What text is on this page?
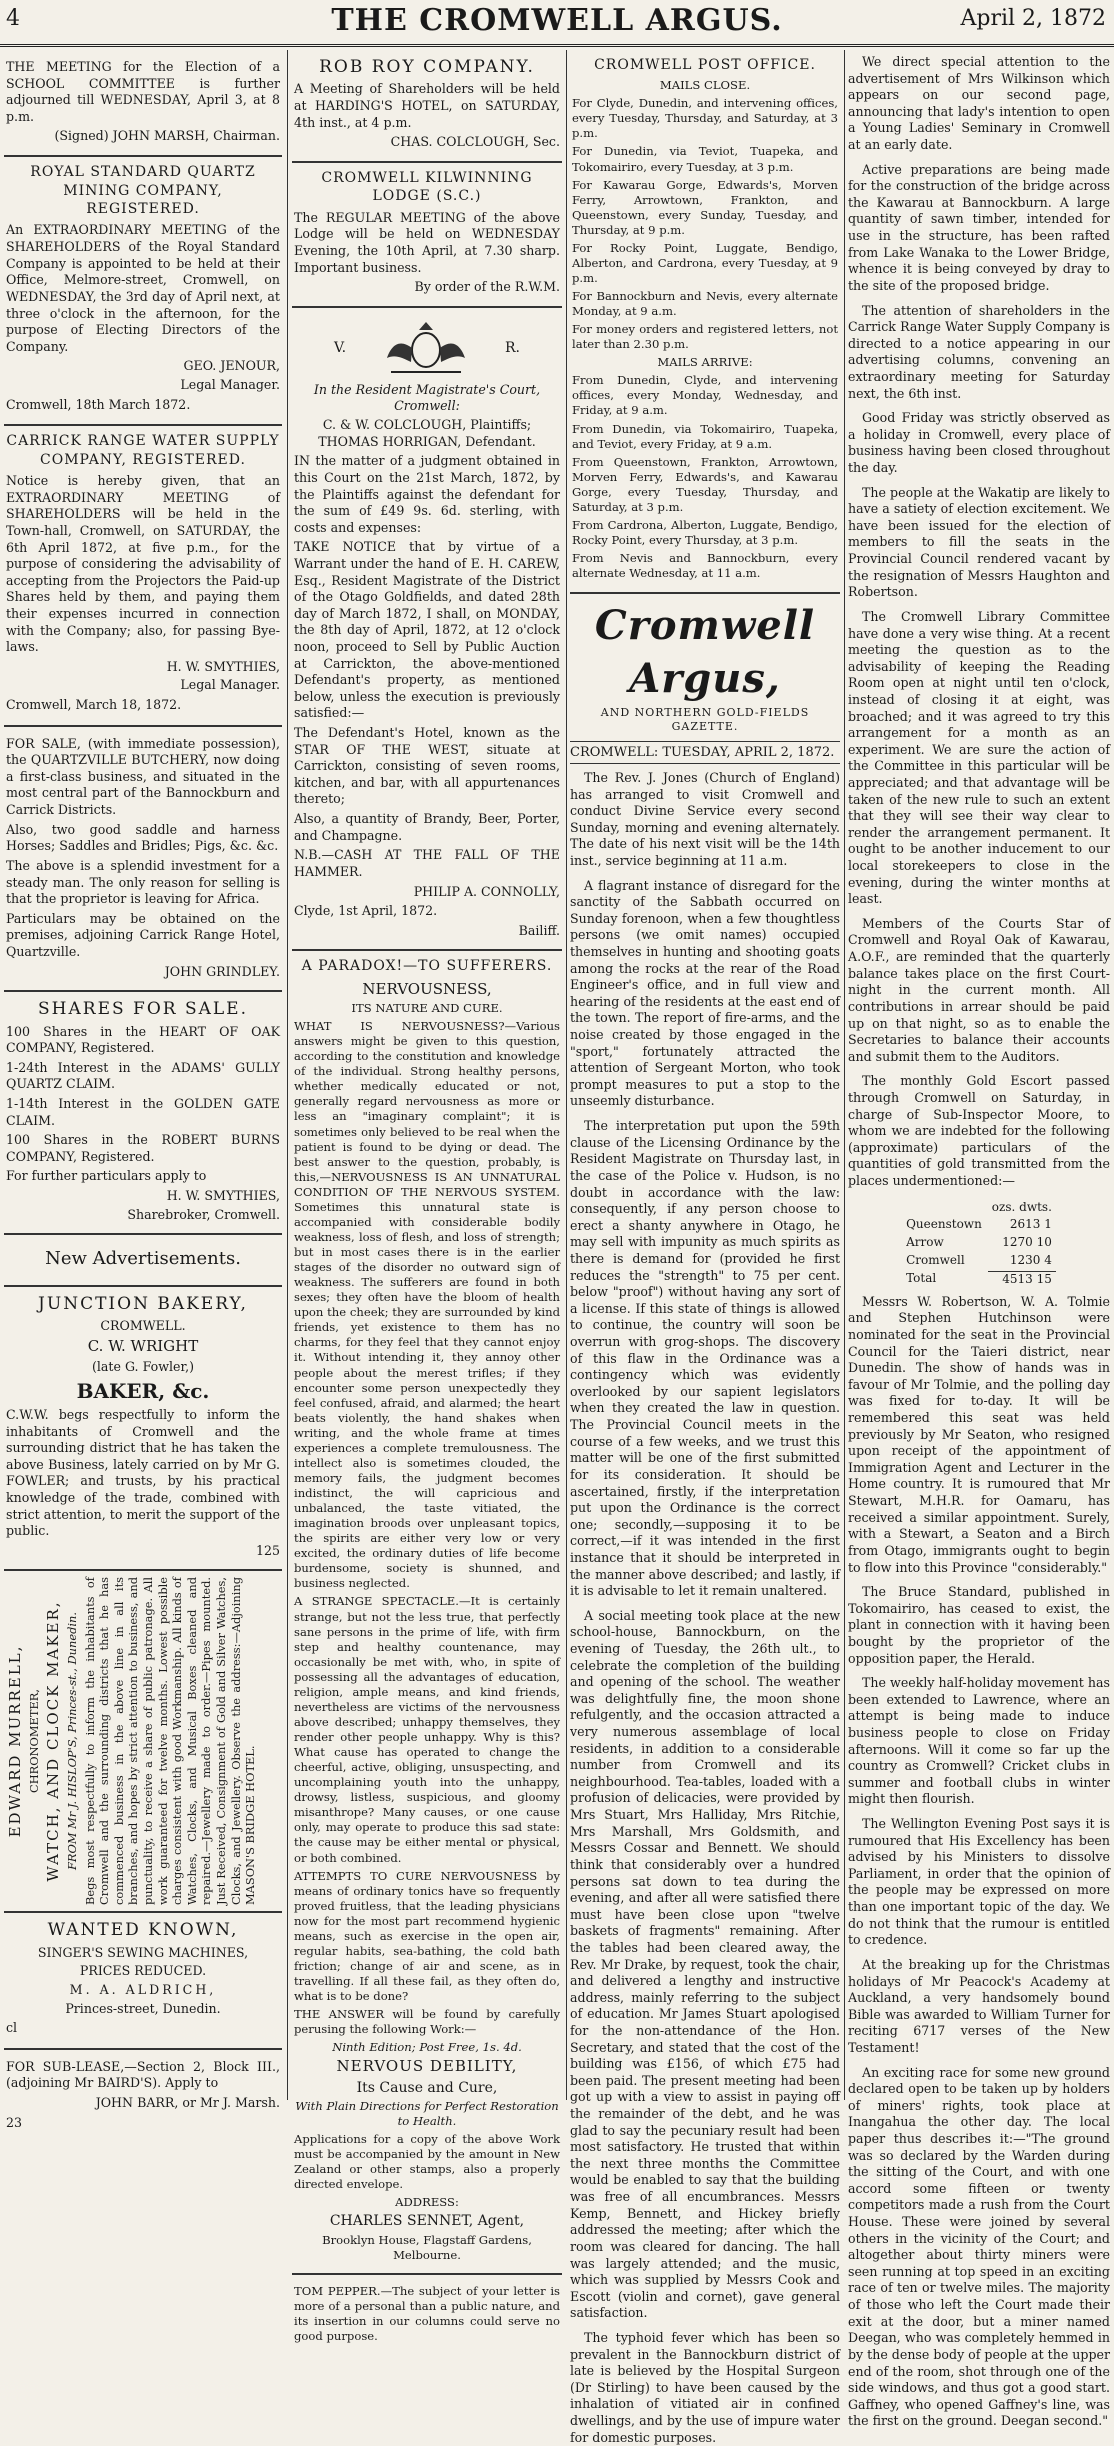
4	THE CROMWELL ARGUS.	April 2, 1872

THE MEETING for the Election of a SCHOOL COMMITTEE is further adjourned till WEDNESDAY, April 3, at 8 p.m.

(Signed) JOHN MARSH, Chairman.

ROYAL STANDARD QUARTZ MINING COMPANY, REGISTERED.

An EXTRAORDINARY MEETING of the SHAREHOLDERS of the Royal Standard Company is appointed to be held at their Office, Melmore-street, Cromwell, on WEDNESDAY, the 3rd day of April next, at three o'clock in the afternoon, for the purpose of Electing Directors of the Company.

GEO. JENOUR,

Legal Manager.

Cromwell, 18th March 1872.

CARRICK RANGE WATER SUPPLY COMPANY, REGISTERED.

Notice is hereby given, that an EXTRAORDINARY MEETING of SHAREHOLDERS will be held in the Town-hall, Cromwell, on SATURDAY, the 6th April 1872, at five p.m., for the purpose of considering the advisability of accepting from the Projectors the Paid-up Shares held by them, and paying them their expenses incurred in connection with the Company; also, for passing Bye-laws.

H. W. SMYTHIES,

Legal Manager.

Cromwell, March 18, 1872.

FOR SALE, (with immediate possession), the QUARTZVILLE BUTCHERY, now doing a first-class business, and situated in the most central part of the Bannockburn and Carrick Districts.

Also, two good saddle and harness Horses; Saddles and Bridles; Pigs, &c. &c.

The above is a splendid investment for a steady man. The only reason for selling is that the proprietor is leaving for Africa.

Particulars may be obtained on the premises, adjoining Carrick Range Hotel, Quartzville.

JOHN GRINDLEY.

SHARES FOR SALE.

100 Shares in the HEART OF OAK COMPANY, Registered.

1-24th Interest in the ADAMS' GULLY QUARTZ CLAIM.

1-14th Interest in the GOLDEN GATE CLAIM.

100 Shares in the ROBERT BURNS COMPANY, Registered.

For further particulars apply to

H. W. SMYTHIES,

Sharebroker, Cromwell.

New Advertisements.
JUNCTION BAKERY,

CROMWELL.

C. W. WRIGHT

(late G. Fowler,)

BAKER, &c.

C.W.W. begs respectfully to inform the inhabitants of Cromwell and the surrounding district that he has taken the above Business, lately carried on by Mr G. FOWLER; and trusts, by his practical knowledge of the trade, combined with strict attention, to merit the support of the public.

125

EDWARD MURRELL, CHRONOMETER, WATCH, AND CLOCK MAKER, FROM Mr J. HISLOP'S, Princes-st., Dunedin. Begs most respectfully to inform the inhabitants of Cromwell and the surrounding districts that he has commenced business in the above line in all its branches, and hopes by strict attention to business, and punctuality, to receive a share of public patronage. All work guaranteed for twelve months. Lowest possible charges consistent with good Workmanship. All kinds of Watches, Clocks, and Musical Boxes cleaned and repaired.—Jewellery made to order.—Pipes mounted. Just Received, Consignment of Gold and Silver Watches, Clocks, and Jewellery. Observe the address:—Adjoining MASON'S BRIDGE HOTEL.

WANTED KNOWN,

SINGER'S SEWING MACHINES,

PRICES REDUCED.

M. A. ALDRICH,

Princes-street, Dunedin.

cl

FOR SUB-LEASE,—Section 2, Block III., (adjoining Mr BAIRD'S). Apply to

JOHN BARR, or Mr J. Marsh.

23

ROB ROY COMPANY.

A Meeting of Shareholders will be held at HARDING'S HOTEL, on SATURDAY, 4th inst., at 4 p.m.

CHAS. COLCLOUGH, Sec.

CROMWELL KILWINNING LODGE (S.C.)

The REGULAR MEETING of the above Lodge will be held on WEDNESDAY Evening, the 10th April, at 7.30 sharp. Important business.

By order of the R.W.M.

V.	R.

In the Resident Magistrate's Court, Cromwell:

C. & W. COLCLOUGH, Plaintiffs; THOMAS HORRIGAN, Defendant.

IN the matter of a judgment obtained in this Court on the 21st March, 1872, by the Plaintiffs against the defendant for the sum of £49 9s. 6d. sterling, with costs and expenses:

TAKE NOTICE that by virtue of a Warrant under the hand of E. H. CAREW, Esq., Resident Magistrate of the District of the Otago Goldfields, and dated 28th day of March 1872, I shall, on MONDAY, the 8th day of April, 1872, at 12 o'clock noon, proceed to Sell by Public Auction at Carrickton, the above-mentioned Defendant's property, as mentioned below, unless the execution is previously satisfied:—

The Defendant's Hotel, known as the STAR OF THE WEST, situate at Carrickton, consisting of seven rooms, kitchen, and bar, with all appurtenances thereto;

Also, a quantity of Brandy, Beer, Porter, and Champagne.

N.B.—CASH AT THE FALL OF THE HAMMER.

PHILIP A. CONNOLLY,

Clyde, 1st April, 1872.

Bailiff.

A PARADOX!—TO SUFFERERS.

NERVOUSNESS,

ITS NATURE AND CURE.

WHAT IS NERVOUSNESS?—Various answers might be given to this question, according to the constitution and knowledge of the individual. Strong healthy persons, whether medically educated or not, generally regard nervousness as more or less an "imaginary complaint"; it is sometimes only believed to be real when the patient is found to be dying or dead. The best answer to the question, probably, is this,—NERVOUSNESS IS AN UNNATURAL CONDITION OF THE NERVOUS SYSTEM. Sometimes this unnatural state is accompanied with considerable bodily weakness, loss of flesh, and loss of strength; but in most cases there is in the earlier stages of the disorder no outward sign of weakness. The sufferers are found in both sexes; they often have the bloom of health upon the cheek; they are surrounded by kind friends, yet existence to them has no charms, for they feel that they cannot enjoy it. Without intending it, they annoy other people about the merest trifles; if they encounter some person unexpectedly they feel confused, afraid, and alarmed; the heart beats violently, the hand shakes when writing, and the whole frame at times experiences a complete tremulousness. The intellect also is sometimes clouded, the memory fails, the judgment becomes indistinct, the will capricious and unbalanced, the taste vitiated, the imagination broods over unpleasant topics, the spirits are either very low or very excited, the ordinary duties of life become burdensome, society is shunned, and business neglected.

A STRANGE SPECTACLE.—It is certainly strange, but not the less true, that perfectly sane persons in the prime of life, with firm step and healthy countenance, may occasionally be met with, who, in spite of possessing all the advantages of education, religion, ample means, and kind friends, nevertheless are victims of the nervousness above described; unhappy themselves, they render other people unhappy. Why is this? What cause has operated to change the cheerful, active, obliging, unsuspecting, and uncomplaining youth into the unhappy, drowsy, listless, suspicious, and gloomy misanthrope? Many causes, or one cause only, may operate to produce this sad state: the cause may be either mental or physical, or both combined.

ATTEMPTS TO CURE NERVOUSNESS by means of ordinary tonics have so frequently proved fruitless, that the leading physicians now for the most part recommend hygienic means, such as exercise in the open air, regular habits, sea-bathing, the cold bath friction; change of air and scene, as in travelling. If all these fail, as they often do, what is to be done?

THE ANSWER will be found by carefully perusing the following Work:—

Ninth Edition; Post Free, 1s. 4d.

NERVOUS DEBILITY,

Its Cause and Cure,

With Plain Directions for Perfect Restoration to Health.

Applications for a copy of the above Work must be accompanied by the amount in New Zealand or other stamps, also a properly directed envelope.

ADDRESS:

CHARLES SENNET, Agent,

Brooklyn House, Flagstaff Gardens, Melbourne.

TOM PEPPER.—The subject of your letter is more of a personal than a public nature, and its insertion in our columns could serve no good purpose.

CROMWELL POST OFFICE.

MAILS CLOSE.

For Clyde, Dunedin, and intervening offices, every Tuesday, Thursday, and Saturday, at 3 p.m.

For Dunedin, via Teviot, Tuapeka, and Tokomairiro, every Tuesday, at 3 p.m.

For Kawarau Gorge, Edwards's, Morven Ferry, Arrowtown, Frankton, and Queenstown, every Sunday, Tuesday, and Thursday, at 9 p.m.

For Rocky Point, Luggate, Bendigo, Alberton, and Cardrona, every Tuesday, at 9 p.m.

For Bannockburn and Nevis, every alternate Monday, at 9 a.m.

For money orders and registered letters, not later than 2.30 p.m.

MAILS ARRIVE:

From Dunedin, Clyde, and intervening offices, every Monday, Wednesday, and Friday, at 9 a.m.

From Dunedin, via Tokomairiro, Tuapeka, and Teviot, every Friday, at 9 a.m.

From Queenstown, Frankton, Arrowtown, Morven Ferry, Edwards's, and Kawarau Gorge, every Tuesday, Thursday, and Saturday, at 3 p.m.

From Cardrona, Alberton, Luggate, Bendigo, Rocky Point, every Thursday, at 3 p.m.

From Nevis and Bannockburn, every alternate Wednesday, at 11 a.m.

Cromwell Argus,
AND NORTHERN GOLD-FIELDS GAZETTE.
CROMWELL: TUESDAY, APRIL 2, 1872.

The Rev. J. Jones (Church of England) has arranged to visit Cromwell and conduct Divine Service every second Sunday, morning and evening alternately. The date of his next visit will be the 14th inst., service beginning at 11 a.m.

A flagrant instance of disregard for the sanctity of the Sabbath occurred on Sunday forenoon, when a few thoughtless persons (we omit names) occupied themselves in hunting and shooting goats among the rocks at the rear of the Road Engineer's office, and in full view and hearing of the residents at the east end of the town. The report of fire-arms, and the noise created by those engaged in the "sport," fortunately attracted the attention of Sergeant Morton, who took prompt measures to put a stop to the unseemly disturbance.

The interpretation put upon the 59th clause of the Licensing Ordinance by the Resident Magistrate on Thursday last, in the case of the Police v. Hudson, is no doubt in accordance with the law: consequently, if any person choose to erect a shanty anywhere in Otago, he may sell with impunity as much spirits as there is demand for (provided he first reduces the "strength" to 75 per cent. below "proof") without having any sort of a license. If this state of things is allowed to continue, the country will soon be overrun with grog-shops. The discovery of this flaw in the Ordinance was a contingency which was evidently overlooked by our sapient legislators when they created the law in question. The Provincial Council meets in the course of a few weeks, and we trust this matter will be one of the first submitted for its consideration. It should be ascertained, firstly, if the interpretation put upon the Ordinance is the correct one; secondly,—supposing it to be correct,—if it was intended in the first instance that it should be interpreted in the manner above described; and lastly, if it is advisable to let it remain unaltered.

A social meeting took place at the new school-house, Bannockburn, on the evening of Tuesday, the 26th ult., to celebrate the completion of the building and opening of the school. The weather was delightfully fine, the moon shone refulgently, and the occasion attracted a very numerous assemblage of local residents, in addition to a considerable number from Cromwell and its neighbourhood. Tea-tables, loaded with a profusion of delicacies, were provided by Mrs Stuart, Mrs Halliday, Mrs Ritchie, Mrs Marshall, Mrs Goldsmith, and Messrs Cossar and Bennett. We should think that considerably over a hundred persons sat down to tea during the evening, and after all were satisfied there must have been close upon "twelve baskets of fragments" remaining. After the tables had been cleared away, the Rev. Mr Drake, by request, took the chair, and delivered a lengthy and instructive address, mainly referring to the subject of education. Mr James Stuart apologised for the non-attendance of the Hon. Secretary, and stated that the cost of the building was £156, of which £75 had been paid. The present meeting had been got up with a view to assist in paying off the remainder of the debt, and he was glad to say the pecuniary result had been most satisfactory. He trusted that within the next three months the Committee would be enabled to say that the building was free of all encumbrances. Messrs Kemp, Bennett, and Hickey briefly addressed the meeting; after which the room was cleared for dancing. The hall was largely attended; and the music, which was supplied by Messrs Cook and Escott (violin and cornet), gave general satisfaction.

The typhoid fever which has been so prevalent in the Bannockburn district of late is believed by the Hospital Surgeon (Dr Stirling) to have been caused by the inhalation of vitiated air in confined dwellings, and by the use of impure water for domestic purposes.

We direct special attention to the advertisement of Mrs Wilkinson which appears on our second page, announcing that lady's intention to open a Young Ladies' Seminary in Cromwell at an early date.

Active preparations are being made for the construction of the bridge across the Kawarau at Bannockburn. A large quantity of sawn timber, intended for use in the structure, has been rafted from Lake Wanaka to the Lower Bridge, whence it is being conveyed by dray to the site of the proposed bridge.

The attention of shareholders in the Carrick Range Water Supply Company is directed to a notice appearing in our advertising columns, convening an extraordinary meeting for Saturday next, the 6th inst.

Good Friday was strictly observed as a holiday in Cromwell, every place of business having been closed throughout the day.

The people at the Wakatip are likely to have a satiety of election excitement. We have been issued for the election of members to fill the seats in the Provincial Council rendered vacant by the resignation of Messrs Haughton and Robertson.

The Cromwell Library Committee have done a very wise thing. At a recent meeting the question as to the advisability of keeping the Reading Room open at night until ten o'clock, instead of closing it at eight, was broached; and it was agreed to try this arrangement for a month as an experiment. We are sure the action of the Committee in this particular will be appreciated; and that advantage will be taken of the new rule to such an extent that they will see their way clear to render the arrangement permanent. It ought to be another inducement to our local storekeepers to close in the evening, during the winter months at least.

Members of the Courts Star of Cromwell and Royal Oak of Kawarau, A.O.F., are reminded that the quarterly balance takes place on the first Court-night in the current month. All contributions in arrear should be paid up on that night, so as to enable the Secretaries to balance their accounts and submit them to the Auditors.

The monthly Gold Escort passed through Cromwell on Saturday, in charge of Sub-Inspector Moore, to whom we are indebted for the following (approximate) particulars of the quantities of gold transmitted from the places undermentioned:—

	ozs. dwts.
Queenstown	2613 1
Arrow	1270 10
Cromwell	1230 4
Total	4513 15

Messrs W. Robertson, W. A. Tolmie and Stephen Hutchinson were nominated for the seat in the Provincial Council for the Taieri district, near Dunedin. The show of hands was in favour of Mr Tolmie, and the polling day was fixed for to-day. It will be remembered this seat was held previously by Mr Seaton, who resigned upon receipt of the appointment of Immigration Agent and Lecturer in the Home country. It is rumoured that Mr Stewart, M.H.R. for Oamaru, has received a similar appointment. Surely, with a Stewart, a Seaton and a Birch from Otago, immigrants ought to begin to flow into this Province "considerably."

The Bruce Standard, published in Tokomairiro, has ceased to exist, the plant in connection with it having been bought by the proprietor of the opposition paper, the Herald.

The weekly half-holiday movement has been extended to Lawrence, where an attempt is being made to induce business people to close on Friday afternoons. Will it come so far up the country as Cromwell? Cricket clubs in summer and football clubs in winter might then flourish.

The Wellington Evening Post says it is rumoured that His Excellency has been advised by his Ministers to dissolve Parliament, in order that the opinion of the people may be expressed on more than one important topic of the day. We do not think that the rumour is entitled to credence.

At the breaking up for the Christmas holidays of Mr Peacock's Academy at Auckland, a very handsomely bound Bible was awarded to William Turner for reciting 6717 verses of the New Testament!

An exciting race for some new ground declared open to be taken up by holders of miners' rights, took place at Inangahua the other day. The local paper thus describes it:—"The ground was so declared by the Warden during the sitting of the Court, and with one accord some fifteen or twenty competitors made a rush from the Court House. These were joined by several others in the vicinity of the Court; and altogether about thirty miners were seen running at top speed in an exciting race of ten or twelve miles. The majority of those who left the Court made their exit at the door, but a miner named Deegan, who was completely hemmed in by the dense body of people at the upper end of the room, shot through one of the side windows, and thus got a good start. Gaffney, who opened Gaffney's line, was the first on the ground. Deegan second."
